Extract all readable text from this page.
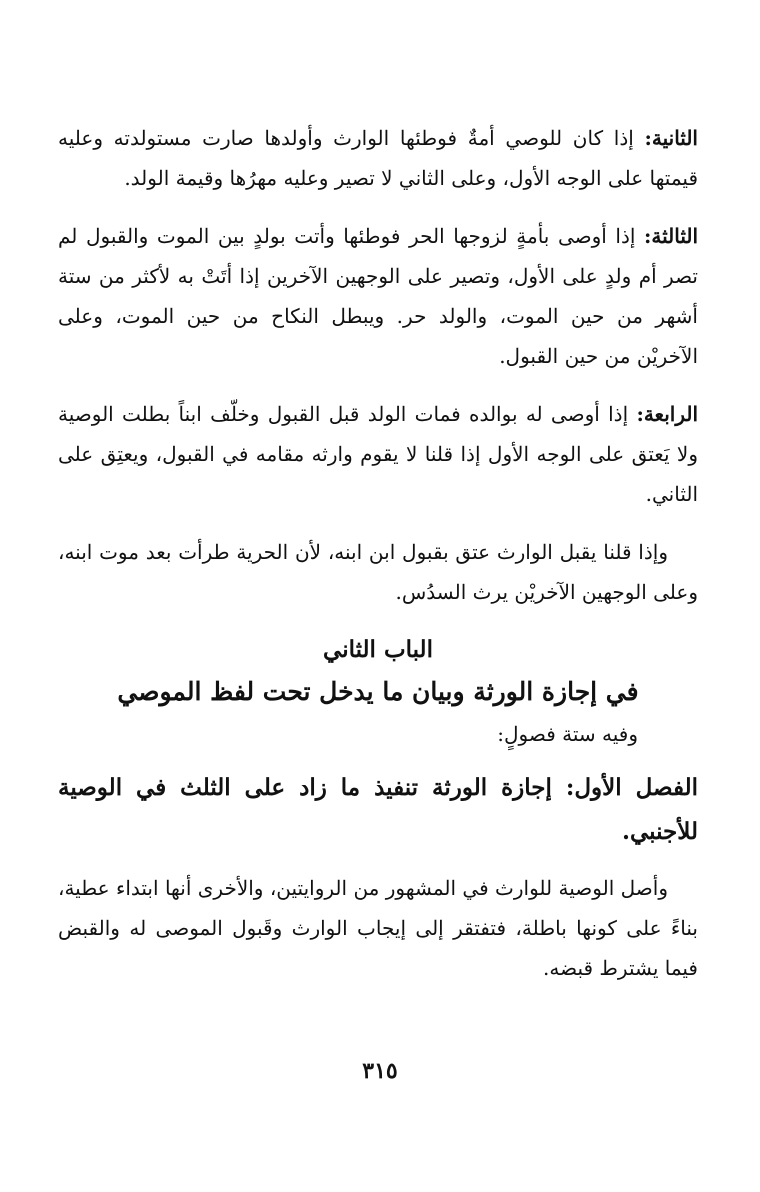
الثانية: إذا كان للوصي أمةٌ فوطئها الوارث وأولدها صارت مستولدته وعليه قيمتها على الوجه الأول، وعلى الثاني لا تصير وعليه مهرُها وقيمة الولد.

الثالثة: إذا أوصى بأمةٍ لزوجها الحر فوطئها وأتت بولدٍ بين الموت والقبول لم تصر أم ولدٍ على الأول، وتصير على الوجهين الآخرين إذا أتَتْ به لأكثر من ستة أشهر من حين الموت، والولد حر. ويبطل النكاح من حين الموت، وعلى الآخريْن من حين القبول.

الرابعة: إذا أوصى له بوالده فمات الولد قبل القبول وخلّف ابناً بطلت الوصية ولا يَعتق على الوجه الأول إذا قلنا لا يقوم وارثه مقامه في القبول، ويعتِق على الثاني.

وإذا قلنا يقبل الوارث عتق بقبول ابن ابنه، لأن الحرية طرأت بعد موت ابنه، وعلى الوجهين الآخريْن يرث السدُس.

الباب الثاني
في إجازة الورثة وبيان ما يدخل تحت لفظ الموصي
وفيه ستة فصولٍ:
الفصل الأول: إجازة الورثة تنفيذ ما زاد على الثلث في الوصية للأجنبي.

وأصل الوصية للوارث في المشهور من الروايتين، والأخرى أنها ابتداء عطية، بناءً على كونها باطلة، فتفتقر إلى إيجاب الوارث وقَبول الموصى له والقبض فيما يشترط قبضه.

٣١٥
